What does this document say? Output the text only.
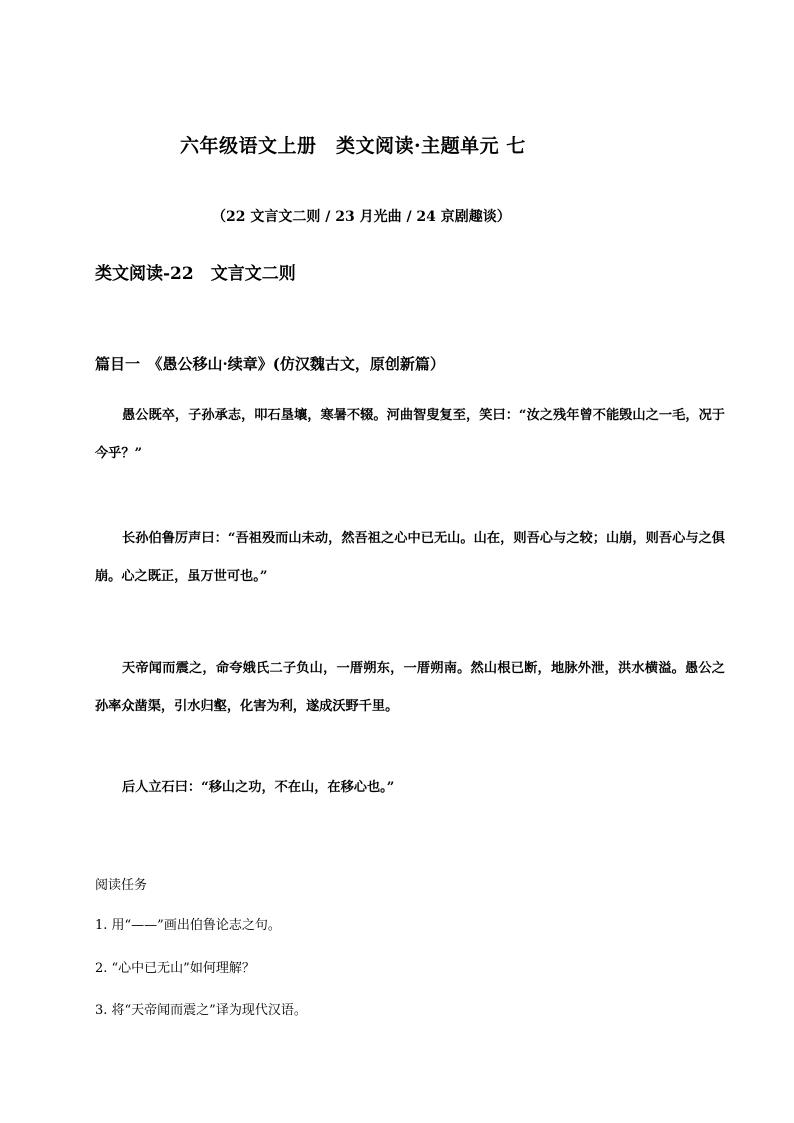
六年级语文上册　类文阅读·主题单元 七
（22 文言文二则 / 23 月光曲 / 24 京剧趣谈）
类文阅读-22　文言文二则
篇目一　《愚公移山·续章》(仿汉魏古文，原创新篇）

愚公既卒，子孙承志，叩石垦壤，寒暑不辍。河曲智叟复至，笑曰：“汝之残年曾不能毁山之一毛，况于今乎？”

长孙伯鲁厉声曰：“吾祖殁而山未动，然吾祖之心中已无山。山在，则吾心与之较；山崩，则吾心与之俱崩。心之既正，虽万世可也。”

天帝闻而震之，命夸娥氏二子负山，一厝朔东，一厝朔南。然山根已断，地脉外泄，洪水横溢。愚公之孙率众凿渠，引水归壑，化害为利，遂成沃野千里。

后人立石曰：“移山之功，不在山，在移心也。”

阅读任务
1. 用“——”画出伯鲁论志之句。
2. “心中已无山”如何理解？
3. 将“天帝闻而震之”译为现代汉语。
